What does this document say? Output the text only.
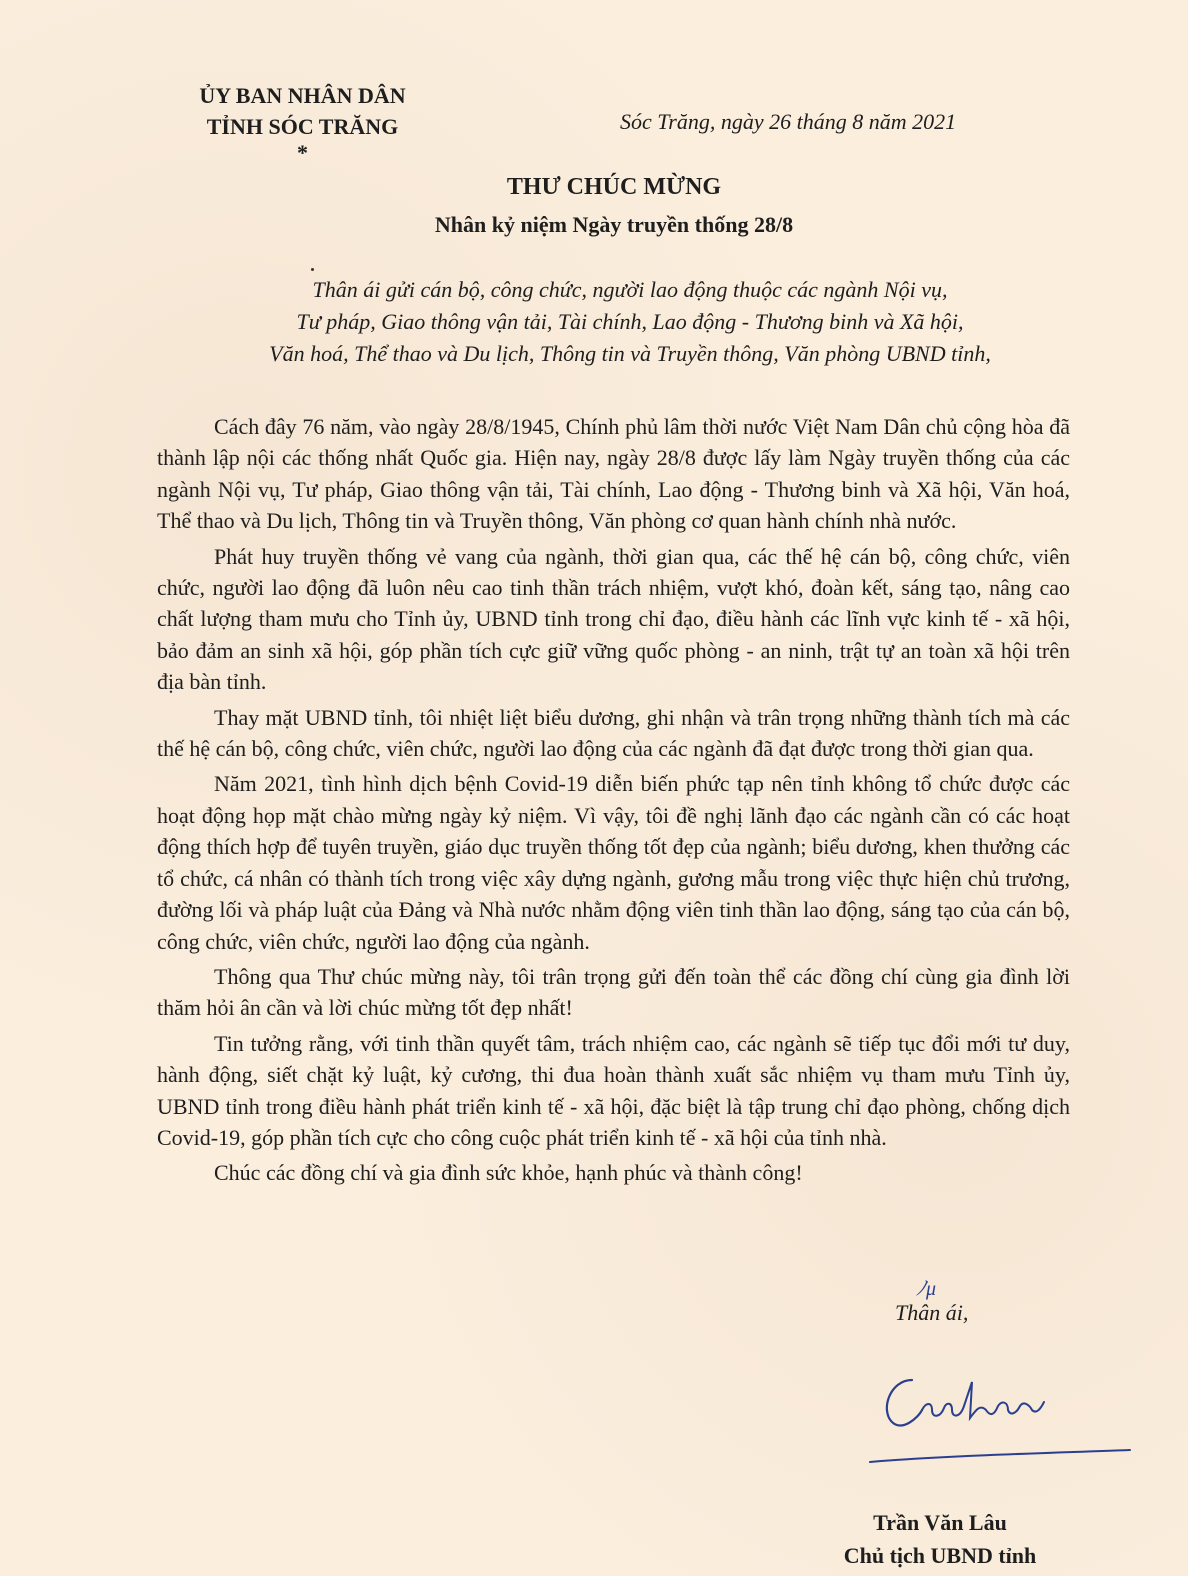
ỦY BAN NHÂN DÂN
TỈNH SÓC TRĂNG
*
Sóc Trăng, ngày 26 tháng 8 năm 2021
THƯ CHÚC MỪNG
Nhân kỷ niệm Ngày truyền thống 28/8
Thân ái gửi cán bộ, công chức, người lao động thuộc các ngành Nội vụ,
Tư pháp, Giao thông vận tải, Tài chính, Lao động - Thương binh và Xã hội,
Văn hoá, Thể thao và Du lịch, Thông tin và Truyền thông, Văn phòng UBND tỉnh,

Cách đây 76 năm, vào ngày 28/8/1945, Chính phủ lâm thời nước Việt Nam Dân chủ cộng hòa đã thành lập nội các thống nhất Quốc gia. Hiện nay, ngày 28/8 được lấy làm Ngày truyền thống của các ngành Nội vụ, Tư pháp, Giao thông vận tải, Tài chính, Lao động - Thương binh và Xã hội, Văn hoá, Thể thao và Du lịch, Thông tin và Truyền thông, Văn phòng cơ quan hành chính nhà nước.

Phát huy truyền thống vẻ vang của ngành, thời gian qua, các thế hệ cán bộ, công chức, viên chức, người lao động đã luôn nêu cao tinh thần trách nhiệm, vượt khó, đoàn kết, sáng tạo, nâng cao chất lượng tham mưu cho Tỉnh ủy, UBND tỉnh trong chỉ đạo, điều hành các lĩnh vực kinh tế - xã hội, bảo đảm an sinh xã hội, góp phần tích cực giữ vững quốc phòng - an ninh, trật tự an toàn xã hội trên địa bàn tỉnh.

Thay mặt UBND tỉnh, tôi nhiệt liệt biểu dương, ghi nhận và trân trọng những thành tích mà các thế hệ cán bộ, công chức, viên chức, người lao động của các ngành đã đạt được trong thời gian qua.

Năm 2021, tình hình dịch bệnh Covid-19 diễn biến phức tạp nên tỉnh không tổ chức được các hoạt động họp mặt chào mừng ngày kỷ niệm. Vì vậy, tôi đề nghị lãnh đạo các ngành cần có các hoạt động thích hợp để tuyên truyền, giáo dục truyền thống tốt đẹp của ngành; biểu dương, khen thưởng các tổ chức, cá nhân có thành tích trong việc xây dựng ngành, gương mẫu trong việc thực hiện chủ trương, đường lối và pháp luật của Đảng và Nhà nước nhằm động viên tinh thần lao động, sáng tạo của cán bộ, công chức, viên chức, người lao động của ngành.

Thông qua Thư chúc mừng này, tôi trân trọng gửi đến toàn thể các đồng chí cùng gia đình lời thăm hỏi ân cần và lời chúc mừng tốt đẹp nhất!

Tin tưởng rằng, với tinh thần quyết tâm, trách nhiệm cao, các ngành sẽ tiếp tục đổi mới tư duy, hành động, siết chặt kỷ luật, kỷ cương, thi đua hoàn thành xuất sắc nhiệm vụ tham mưu Tỉnh ủy, UBND tỉnh trong điều hành phát triển kinh tế - xã hội, đặc biệt là tập trung chỉ đạo phòng, chống dịch Covid-19, góp phần tích cực cho công cuộc phát triển kinh tế - xã hội của tỉnh nhà.

Chúc các đồng chí và gia đình sức khỏe, hạnh phúc và thành công!

ﾉμ
Thân ái,
Trần Văn Lâu
Chủ tịch UBND tỉnh
